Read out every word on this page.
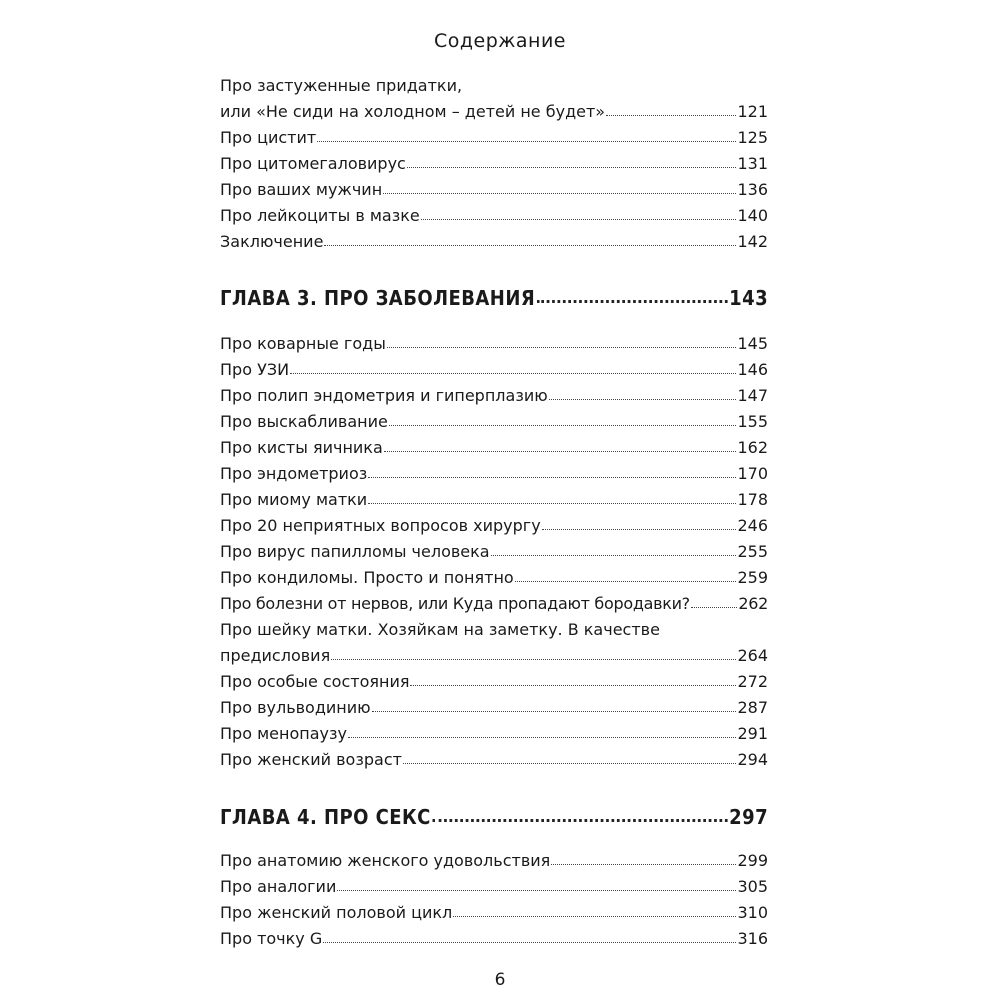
Содержание
Про застуженные придатки,
или «Не сиди на холодном – детей не будет»	121
Про цистит	125
Про цитомегаловирус	131
Про ваших мужчин	136
Про лейкоциты в мазке	140
Заключение	142
ГЛАВА 3. ПРО ЗАБОЛЕВАНИЯ	143
Про коварные годы	145
Про УЗИ	146
Про полип эндометрия и гиперплазию	147
Про выскабливание	155
Про кисты яичника	162
Про эндометриоз	170
Про миому матки	178
Про 20 неприятных вопросов хирургу	246
Про вирус папилломы человека	255
Про кондиломы. Просто и понятно	259
Про болезни от нервов, или Куда пропадают бородавки?	262
Про шейку матки. Хозяйкам на заметку. В качестве
предисловия	264
Про особые состояния	272
Про вульводинию	287
Про менопаузу	291
Про женский возраст	294
ГЛАВА 4. ПРО СЕКС	297
Про анатомию женского удовольствия	299
Про аналогии	305
Про женский половой цикл	310
Про точку G	316
6
